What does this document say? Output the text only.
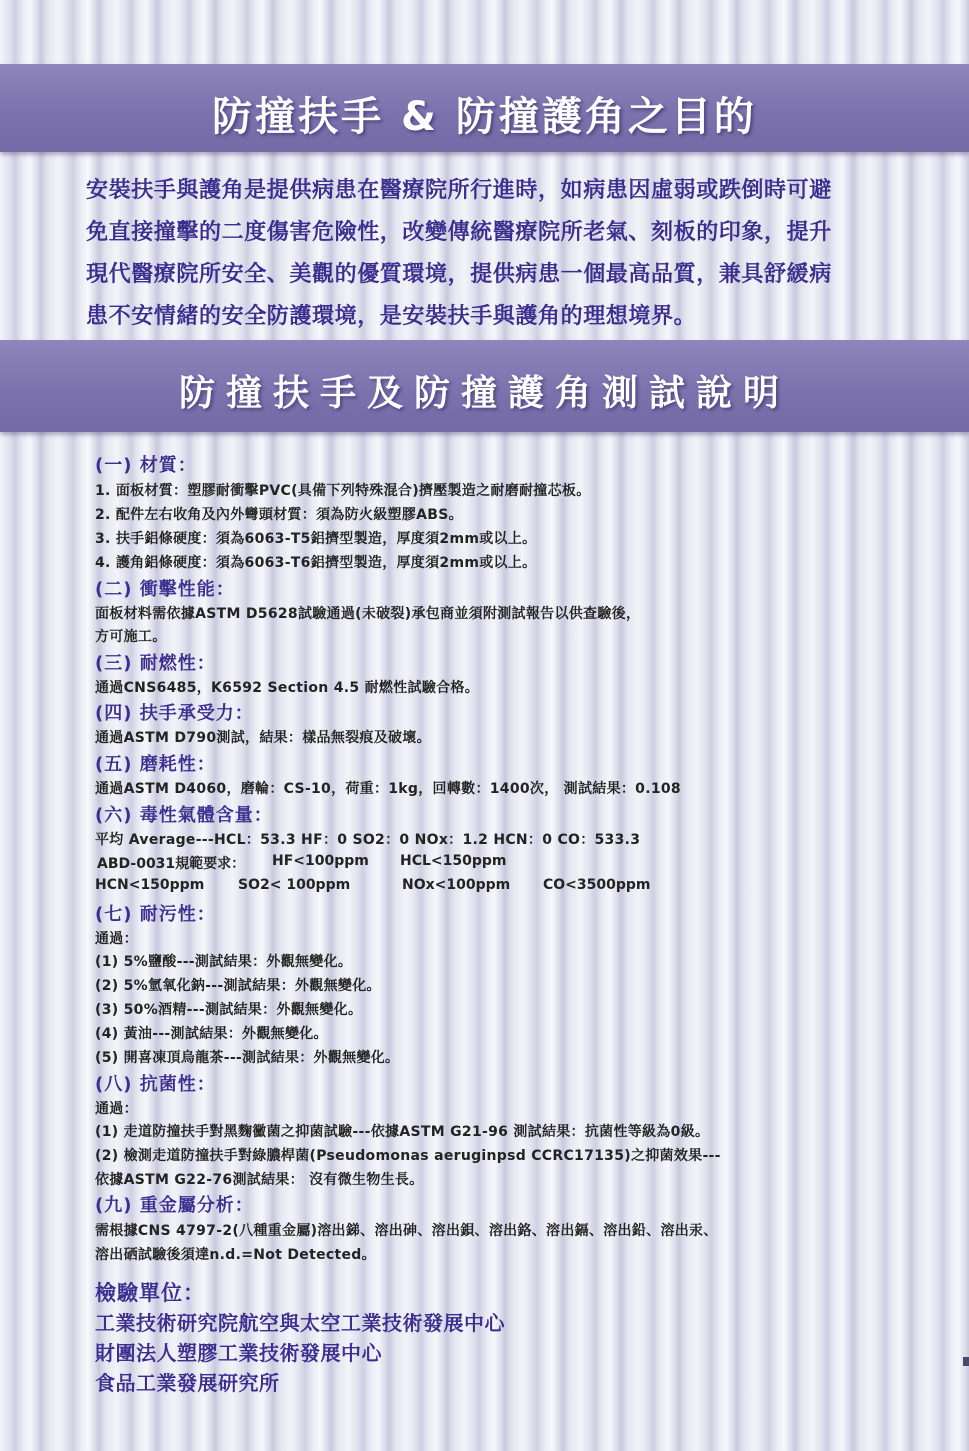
防撞扶手 & 防撞護角之目的
安裝扶手與護角是提供病患在醫療院所行進時，如病患因虛弱或跌倒時可避
免直接撞擊的二度傷害危險性，改變傳統醫療院所老氣、刻板的印象，提升
現代醫療院所安全、美觀的優質環境，提供病患一個最高品質，兼具舒緩病
患不安情緒的安全防護環境，是安裝扶手與護角的理想境界。
防撞扶手及防撞護角測試說明
(一) 材質：
1. 面板材質：塑膠耐衝擊PVC(具備下列特殊混合)擠壓製造之耐磨耐撞芯板。
2. 配件左右收角及內外彎頭材質：須為防火級塑膠ABS。
3. 扶手鋁條硬度：須為6063-T5鋁擠型製造，厚度須2mm或以上。
4. 護角鋁條硬度：須為6063-T6鋁擠型製造，厚度須2mm或以上。
(二) 衝擊性能：
面板材料需依據ASTM D5628試驗通過(未破裂)承包商並須附測試報告以供查驗後，
方可施工。
(三) 耐燃性：
通過CNS6485，K6592 Section 4.5 耐燃性試驗合格。
(四) 扶手承受力：
通過ASTM D790測試，結果：樣品無裂痕及破壞。
(五) 磨耗性：
通過ASTM D4060，磨輪：CS-10，荷重：1kg，回轉數：1400次， 測試結果：0.108
(六) 毒性氣體含量：
平均 Average---HCL：53.3 HF：0 SO2：0 NOx：1.2 HCN：0 CO：533.3
ABD-0031規範要求： HF<100ppm HCL<150ppm
HCN<150ppm SO2< 100ppm	NOx<100ppm CO<3500ppm
(七) 耐污性：
通過：
(1) 5%鹽酸---測試結果：外觀無變化。
(2) 5%氫氧化鈉---測試結果：外觀無變化。
(3) 50%酒精---測試結果：外觀無變化。
(4) 黃油---測試結果：外觀無變化。
(5) 開喜凍頂烏龍茶---測試結果：外觀無變化。
(八) 抗菌性：
通過：
(1) 走道防撞扶手對黑麴黴菌之抑菌試驗---依據ASTM G21-96 測試結果：抗菌性等級為0級。
(2) 檢測走道防撞扶手對綠膿桿菌(Pseudomonas aeruginpsd CCRC17135)之抑菌效果---
依據ASTM G22-76測試結果： 沒有微生物生長。
(九) 重金屬分析：
需根據CNS 4797-2(八種重金屬)溶出銻、溶出砷、溶出鋇、溶出鉻、溶出鎘、溶出鉛、溶出汞、
溶出硒試驗後須達n.d.=Not Detected。
檢驗單位：
工業技術研究院航空與太空工業技術發展中心
財團法人塑膠工業技術發展中心
食品工業發展研究所
